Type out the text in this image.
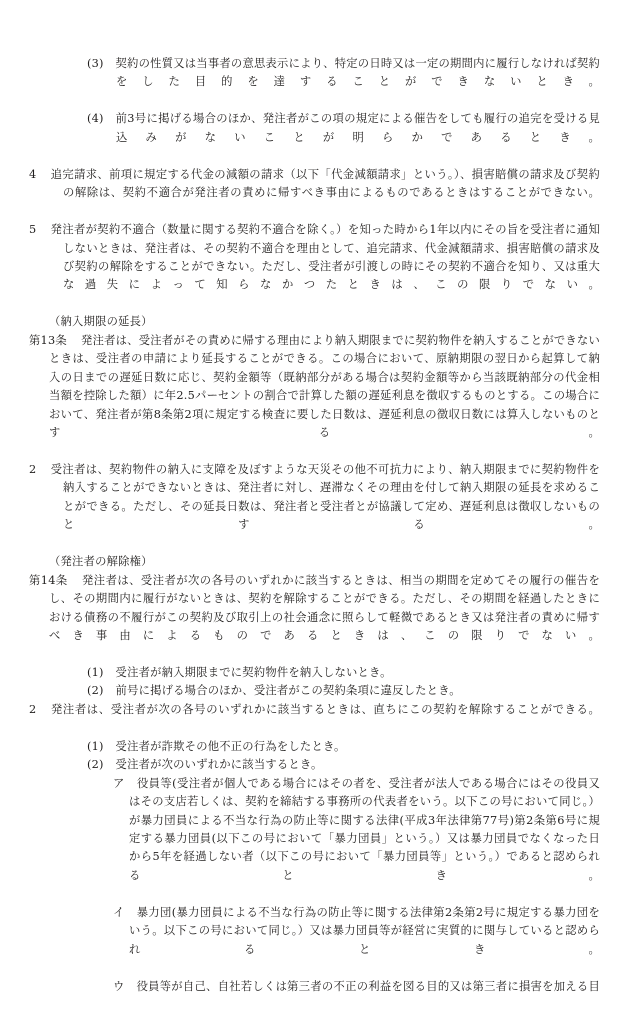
(3) 契約の性質又は当事者の意思表示により、特定の日時又は一定の期間内に履行しなければ契約をした目的を達することができないとき。

(4) 前3号に掲げる場合のほか、発注者がこの項の規定による催告をしても履行の追完を受ける見込みがないことが明らかであるとき。

4 追完請求、前項に規定する代金の減額の請求（以下「代金減額請求」という。）、損害賠償の請求及び契約の解除は、契約不適合が発注者の責めに帰すべき事由によるものであるときはすることができない。

5 発注者が契約不適合（数量に関する契約不適合を除く。）を知った時から1年以内にその旨を受注者に通知しないときは、発注者は、その契約不適合を理由として、追完請求、代金減額請求、損害賠償の請求及び契約の解除をすることができない。ただし、受注者が引渡しの時にその契約不適合を知り、又は重大な過失によって知らなかつたときは、この限りでない。

（納入期限の延長）

第13条 発注者は、受注者がその責めに帰する理由により納入期限までに契約物件を納入することができないときは、受注者の申請により延長することができる。この場合において、原納期限の翌日から起算して納入の日までの遅延日数に応じ、契約金額等（既納部分がある場合は契約金額等から当該既納部分の代金相当額を控除した額）に年2.5パーセントの割合で計算した額の遅延利息を徴収するものとする。この場合において、発注者が第8条第2項に規定する検査に要した日数は、遅延利息の徴収日数には算入しないものとする。

2 受注者は、契約物件の納入に支障を及ぼすような天災その他不可抗力により、納入期限までに契約物件を納入することができないときは、発注者に対し、遅滞なくその理由を付して納入期限の延長を求めることができる。ただし、その延長日数は、発注者と受注者とが協議して定め、遅延利息は徴収しないものとする。

（発注者の解除権）

第14条 発注者は、受注者が次の各号のいずれかに該当するときは、相当の期間を定めてその履行の催告をし、その期間内に履行がないときは、契約を解除することができる。ただし、その期間を経過したときにおける債務の不履行がこの契約及び取引上の社会通念に照らして軽微であるとき又は発注者の責めに帰すべき事由によるものであるときは、この限りでない。

(1) 受注者が納入期限までに契約物件を納入しないとき。

(2) 前号に掲げる場合のほか、受注者がこの契約条項に違反したとき。

2 発注者は、受注者が次の各号のいずれかに該当するときは、直ちにこの契約を解除することができる。

(1) 受注者が詐欺その他不正の行為をしたとき。

(2) 受注者が次のいずれかに該当するとき。

ア 役員等(受注者が個人である場合にはその者を、受注者が法人である場合にはその役員又はその支店若しくは、契約を締結する事務所の代表者をいう。以下この号において同じ。）が暴力団員による不当な行為の防止等に関する法律(平成3年法律第77号)第2条第6号に規定する暴力団員(以下この号において「暴力団員」という。）又は暴力団員でなくなった日から5年を経過しない者（以下この号において「暴力団員等」という。）であると認められるとき。

イ 暴力団(暴力団員による不当な行為の防止等に関する法律第2条第2号に規定する暴力団をいう。以下この号において同じ。）又は暴力団員等が経営に実質的に関与していると認められるとき。

ウ 役員等が自己、自社若しくは第三者の不正の利益を図る目的又は第三者に損害を加える目
